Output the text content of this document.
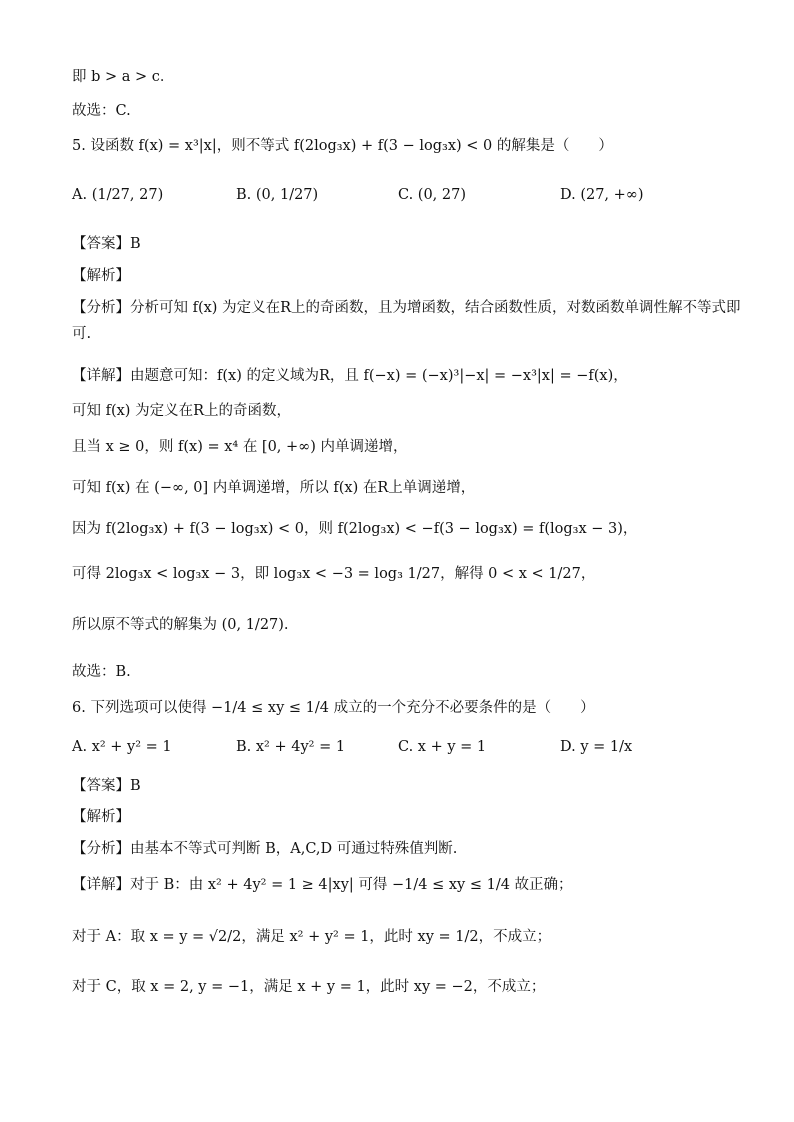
即 b > a > c．
故选：C.
5. 设函数 f(x) = x³|x|，则不等式 f(2log₃x) + f(3 − log₃x) < 0 的解集是（　　）
A. (1/27, 27)	B. (0, 1/27)	C. (0, 27)	D. (27, +∞)
【答案】B
【解析】
【分析】分析可知 f(x) 为定义在R上的奇函数，且为增函数，结合函数性质，对数函数单调性解不等式即
可.
【详解】由题意可知：f(x) 的定义域为R，且 f(−x) = (−x)³|−x| = −x³|x| = −f(x)，
可知 f(x) 为定义在R上的奇函数，
且当 x ≥ 0，则 f(x) = x⁴ 在 [0, +∞) 内单调递增，
可知 f(x) 在 (−∞, 0] 内单调递增，所以 f(x) 在R上单调递增，
因为 f(2log₃x) + f(3 − log₃x) < 0，则 f(2log₃x) < −f(3 − log₃x) = f(log₃x − 3)，
可得 2log₃x < log₃x − 3，即 log₃x < −3 = log₃ 1/27，解得 0 < x < 1/27，
所以原不等式的解集为 (0, 1/27).
故选：B.
6. 下列选项可以使得 −1/4 ≤ xy ≤ 1/4 成立的一个充分不必要条件的是（　　）
A. x² + y² = 1	B. x² + 4y² = 1	C. x + y = 1	D. y = 1/x
【答案】B
【解析】
【分析】由基本不等式可判断 B，A,C,D 可通过特殊值判断.
【详解】对于 B：由 x² + 4y² = 1 ≥ 4|xy| 可得 −1/4 ≤ xy ≤ 1/4 故正确；
对于 A：取 x = y = √2/2，满足 x² + y² = 1，此时 xy = 1/2，不成立；
对于 C，取 x = 2, y = −1，满足 x + y = 1，此时 xy = −2，不成立；
